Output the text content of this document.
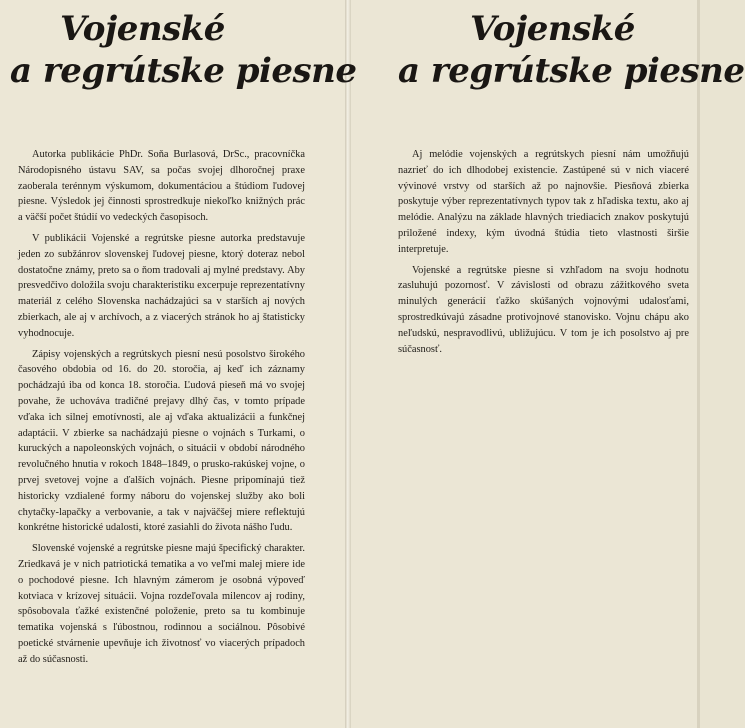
Vojenské
a regrútske piesne
Vojenské
a regrútske piesne

Autorka publikácie PhDr. Soňa Burlasová, DrSc., pracovníčka Národopisného ústavu SAV, sa počas svojej dlhoročnej praxe zaoberala terénnym výskumom, dokumentáciou a štúdiom ľudovej piesne. Výsledok jej činnosti sprostredkuje niekoľko knižných prác a väčší počet štúdií vo vedeckých časopisoch.

V publikácii Vojenské a regrútske piesne autorka predstavuje jeden zo subžánrov slovenskej ľudovej piesne, ktorý doteraz nebol dostatočne známy, preto sa o ňom tradovali aj mylné predstavy. Aby presvedčivo doložila svoju charakteristiku excerpuje reprezentatívny materiál z celého Slovenska nachádzajúci sa v starších aj nových zbierkach, ale aj v archívoch, a z viacerých stránok ho aj štatisticky vyhodnocuje.

Zápisy vojenských a regrútskych piesní nesú posolstvo širokého časového obdobia od 16. do 20. storočia, aj keď ich záznamy pochádzajú iba od konca 18. storočia. Ľudová pieseň má vo svojej povahe, že uchováva tradičné prejavy dlhý čas, v tomto prípade vďaka ich silnej emotívnosti, ale aj vďaka aktualizácii a funkčnej adaptácii. V zbierke sa nachádzajú piesne o vojnách s Turkami, o kuruckých a napoleonských vojnách, o situácii v období národného revolučného hnutia v rokoch 1848–1849, o prusko-rakúskej vojne, o prvej svetovej vojne a ďalších vojnách. Piesne pripomínajú tiež historicky vzdialené formy náboru do vojenskej služby ako boli chytačky-lapačky a verbovanie, a tak v najväčšej miere reflektujú konkrétne historické udalosti, ktoré zasiahli do života nášho ľudu.

Slovenské vojenské a regrútske piesne majú špecifický charakter. Zriedkavá je v nich patriotická tematika a vo veľmi malej miere ide o pochodové piesne. Ich hlavným zámerom je osobná výpoveď kotviaca v krízovej situácii. Vojna rozdeľovala milencov aj rodiny, spôsobovala ťažké existenčné položenie, preto sa tu kombinuje tematika vojenská s ľúbostnou, rodinnou a sociálnou. Pôsobivé poetické stvárnenie upevňuje ich životnosť vo viacerých prípadoch až do súčasnosti.

Aj melódie vojenských a regrútskych piesní nám umožňujú nazrieť do ich dlhodobej existencie. Zastúpené sú v nich viaceré vývinové vrstvy od starších až po najnovšie. Piesňová zbierka poskytuje výber reprezentatívnych typov tak z hľadiska textu, ako aj melódie. Analýzu na základe hlavných triediacich znakov poskytujú priložené indexy, kým úvodná štúdia tieto vlastnosti širšie interpretuje.

Vojenské a regrútske piesne si vzhľadom na svoju hodnotu zasluhujú pozornosť. V závislosti od obrazu zážitkového sveta minulých generácií ťažko skúšaných vojnovými udalosťami, sprostredkúvajú zásadne protivojnové stanovisko. Vojnu chápu ako neľudskú, nespravodlivú, ubližujúcu. V tom je ich posolstvo aj pre súčasnosť.
